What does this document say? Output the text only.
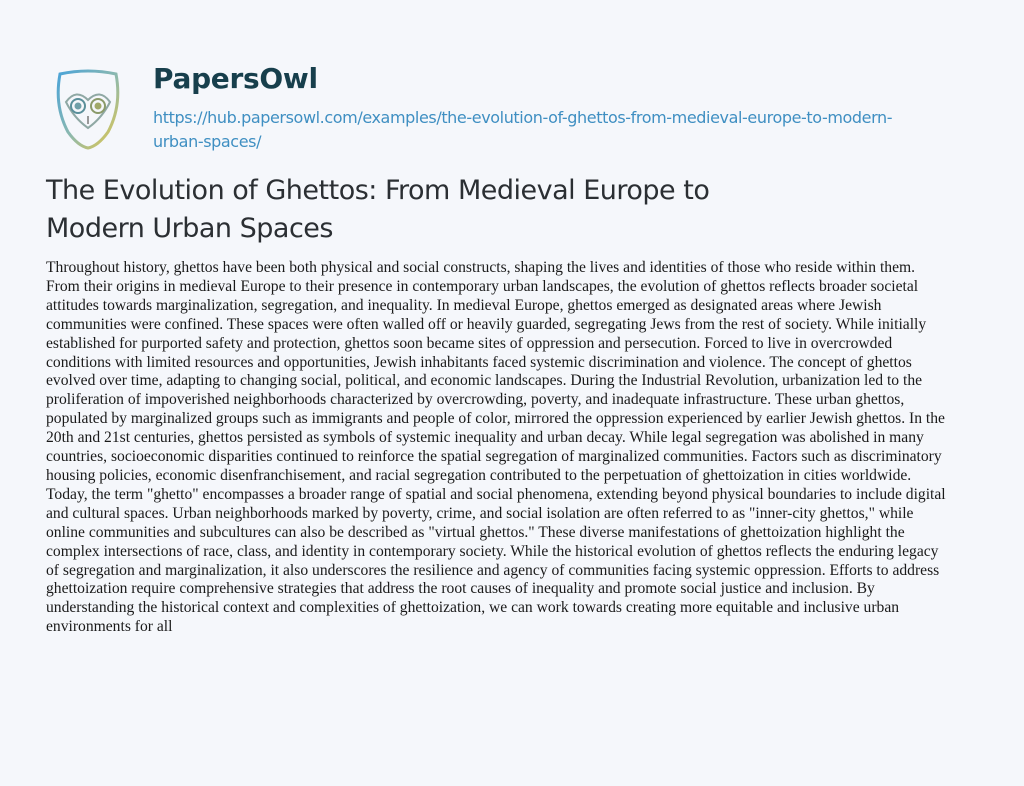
PapersOwl
https://hub.papersowl.com/examples/the-evolution-of-ghettos-from-medieval-europe-to-modern-urban-spaces/
The Evolution of Ghettos: From Medieval Europe to Modern Urban Spaces
Throughout history, ghettos have been both physical and social constructs, shaping the lives and identities of those who reside within them.
From their origins in medieval Europe to their presence in contemporary urban landscapes, the evolution of ghettos reflects broader societal
attitudes towards marginalization, segregation, and inequality. In medieval Europe, ghettos emerged as designated areas where Jewish
communities were confined. These spaces were often walled off or heavily guarded, segregating Jews from the rest of society. While initially
established for purported safety and protection, ghettos soon became sites of oppression and persecution. Forced to live in overcrowded
conditions with limited resources and opportunities, Jewish inhabitants faced systemic discrimination and violence. The concept of ghettos
evolved over time, adapting to changing social, political, and economic landscapes. During the Industrial Revolution, urbanization led to the
proliferation of impoverished neighborhoods characterized by overcrowding, poverty, and inadequate infrastructure. These urban ghettos,
populated by marginalized groups such as immigrants and people of color, mirrored the oppression experienced by earlier Jewish ghettos. In the
20th and 21st centuries, ghettos persisted as symbols of systemic inequality and urban decay. While legal segregation was abolished in many
countries, socioeconomic disparities continued to reinforce the spatial segregation of marginalized communities. Factors such as discriminatory
housing policies, economic disenfranchisement, and racial segregation contributed to the perpetuation of ghettoization in cities worldwide.
Today, the term "ghetto" encompasses a broader range of spatial and social phenomena, extending beyond physical boundaries to include digital
and cultural spaces. Urban neighborhoods marked by poverty, crime, and social isolation are often referred to as "inner-city ghettos," while
online communities and subcultures can also be described as "virtual ghettos." These diverse manifestations of ghettoization highlight the
complex intersections of race, class, and identity in contemporary society. While the historical evolution of ghettos reflects the enduring legacy
of segregation and marginalization, it also underscores the resilience and agency of communities facing systemic oppression. Efforts to address
ghettoization require comprehensive strategies that address the root causes of inequality and promote social justice and inclusion. By
understanding the historical context and complexities of ghettoization, we can work towards creating more equitable and inclusive urban
environments for all
